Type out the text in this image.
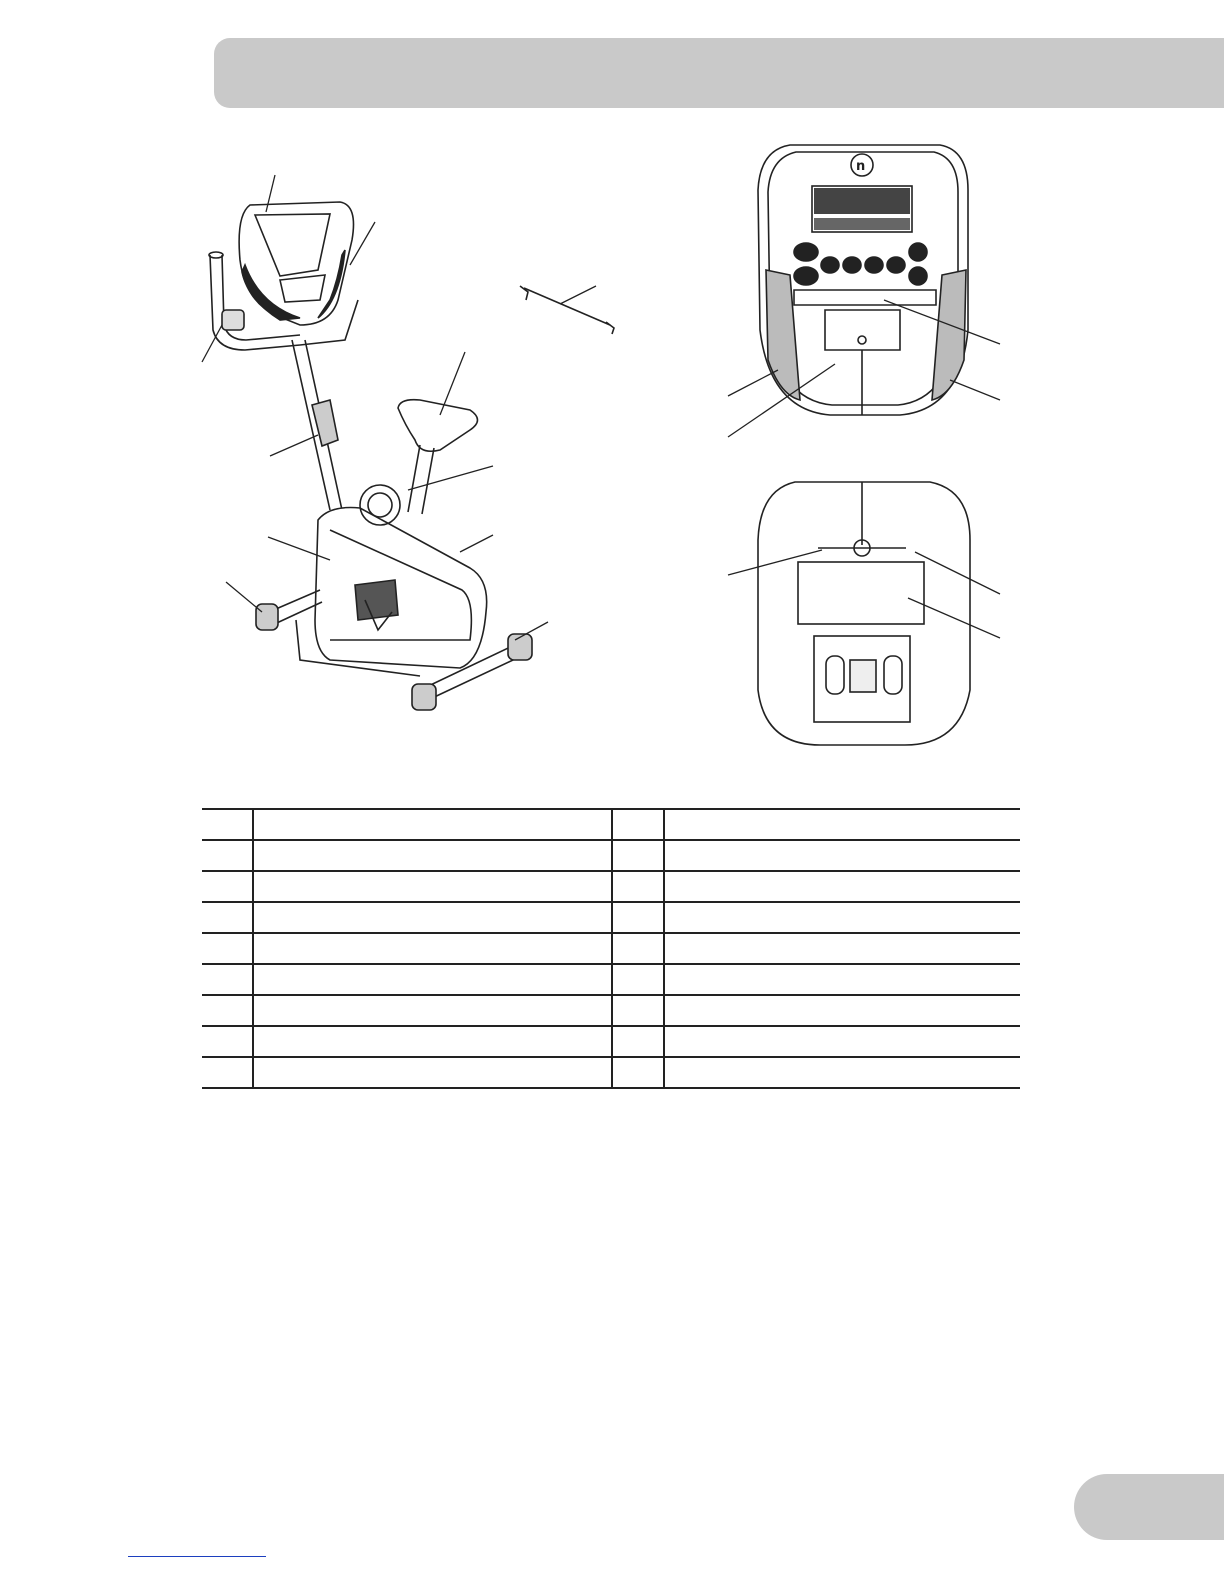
n
